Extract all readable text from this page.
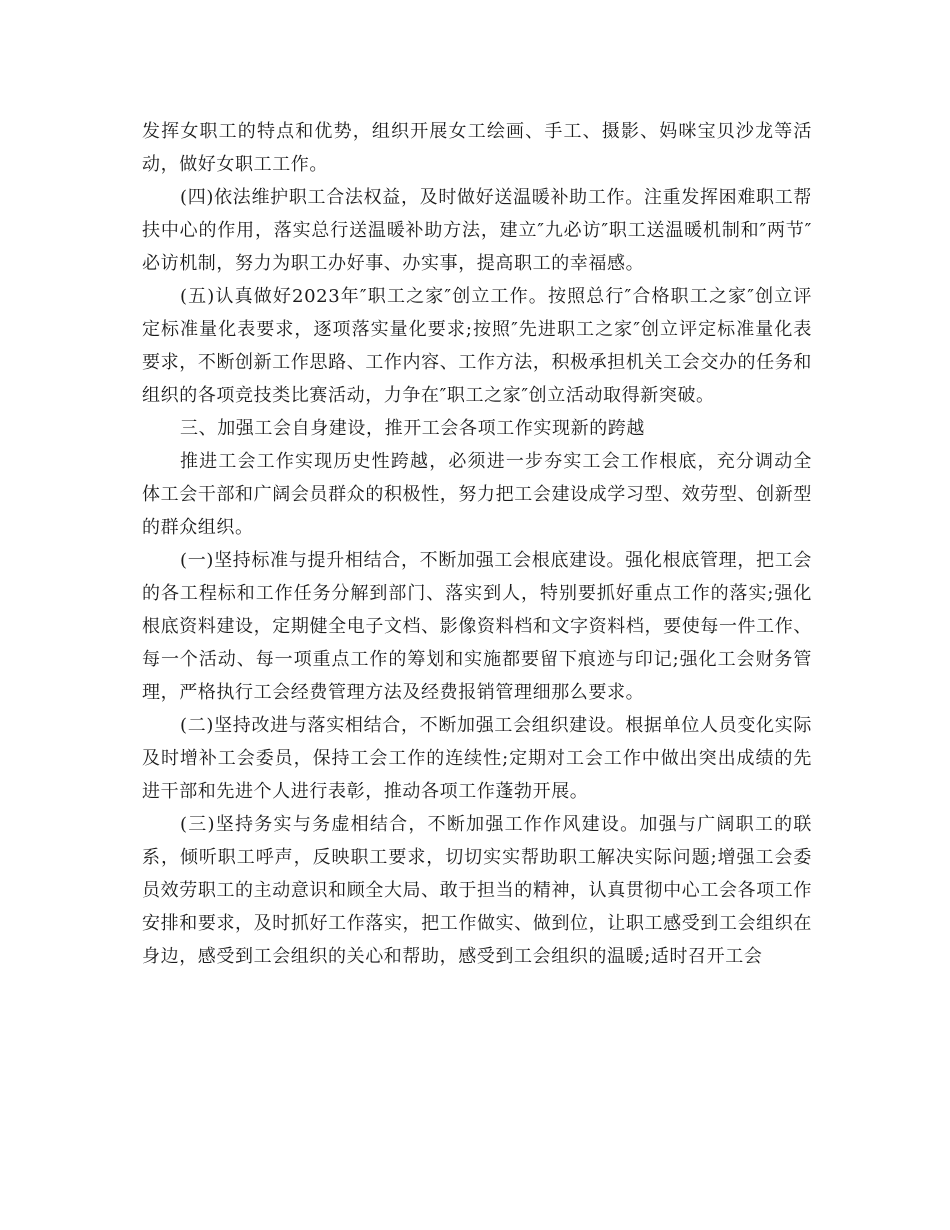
发挥女职工的特点和优势，组织开展女工绘画、手工、摄影、妈咪宝贝沙龙等活动，做好女职工工作。

(四)依法维护职工合法权益，及时做好送温暖补助工作。注重发挥困难职工帮扶中心的作用，落实总行送温暖补助方法，建立″九必访″职工送温暖机制和″两节″必访机制，努力为职工办好事、办实事，提高职工的幸福感。

(五)认真做好2023年″职工之家″创立工作。按照总行″合格职工之家″创立评定标准量化表要求，逐项落实量化要求;按照″先进职工之家″创立评定标准量化表要求，不断创新工作思路、工作内容、工作方法，积极承担机关工会交办的任务和组织的各项竞技类比赛活动，力争在″职工之家″创立活动取得新突破。

三、加强工会自身建设，推开工会各项工作实现新的跨越

推进工会工作实现历史性跨越，必须进一步夯实工会工作根底，充分调动全体工会干部和广阔会员群众的积极性，努力把工会建设成学习型、效劳型、创新型的群众组织。

(一)坚持标准与提升相结合，不断加强工会根底建设。强化根底管理，把工会的各工程标和工作任务分解到部门、落实到人，特别要抓好重点工作的落实;强化根底资料建设，定期健全电子文档、影像资料档和文字资料档，要使每一件工作、每一个活动、每一项重点工作的筹划和实施都要留下痕迹与印记;强化工会财务管理，严格执行工会经费管理方法及经费报销管理细那么要求。

(二)坚持改进与落实相结合，不断加强工会组织建设。根据单位人员变化实际及时增补工会委员，保持工会工作的连续性;定期对工会工作中做出突出成绩的先进干部和先进个人进行表彰，推动各项工作蓬勃开展。

(三)坚持务实与务虚相结合，不断加强工作作风建设。加强与广阔职工的联系，倾听职工呼声，反映职工要求，切切实实帮助职工解决实际问题;增强工会委员效劳职工的主动意识和顾全大局、敢于担当的精神，认真贯彻中心工会各项工作安排和要求，及时抓好工作落实，把工作做实、做到位，让职工感受到工会组织在身边，感受到工会组织的关心和帮助，感受到工会组织的温暖;适时召开工会
